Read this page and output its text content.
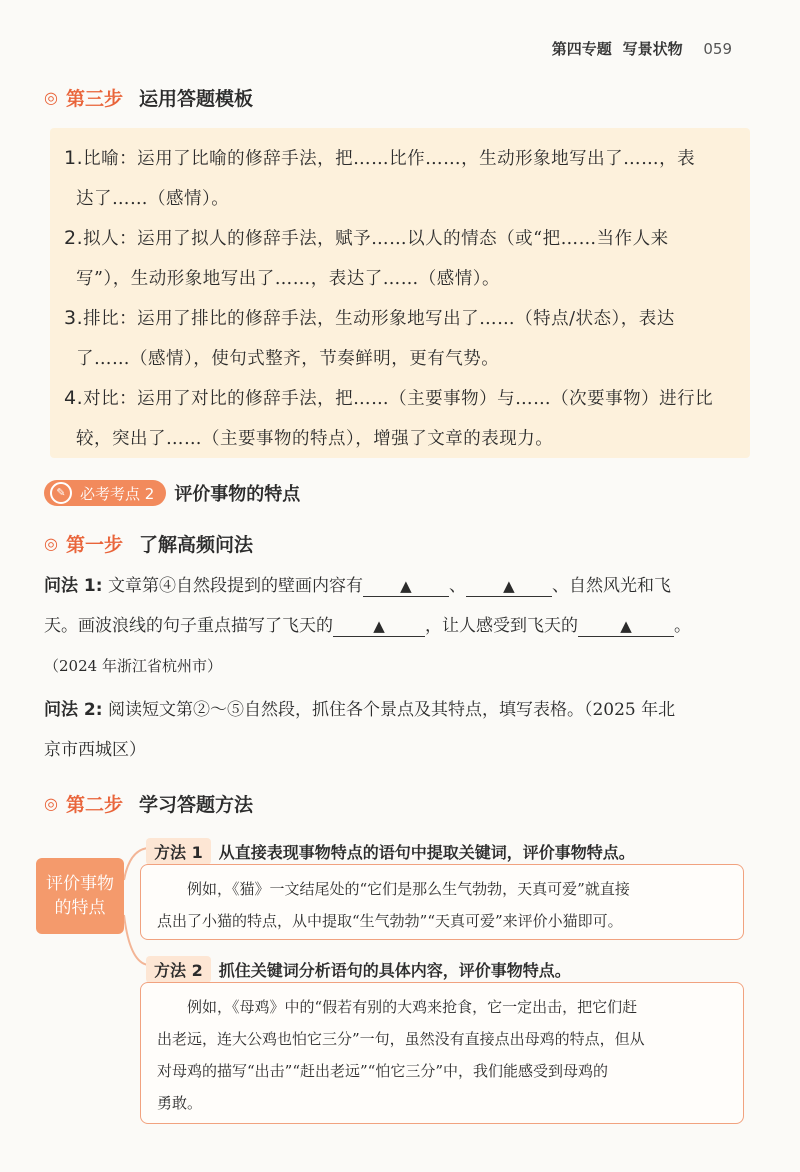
第四专题 写景状物 059
◎ 第三步 运用答题模板
1.比喻：运用了比喻的修辞手法，把……比作……，生动形象地写出了……，表
达了……（感情）。
2.拟人：运用了拟人的修辞手法，赋予……以人的情态（或“把……当作人来
写”），生动形象地写出了……，表达了……（感情）。
3.排比：运用了排比的修辞手法，生动形象地写出了……（特点/状态），表达
了……（感情），使句式整齐，节奏鲜明，更有气势。
4.对比：运用了对比的修辞手法，把……（主要事物）与……（次要事物）进行比
较，突出了……（主要事物的特点），增强了文章的表现力。
✎ 必考考点 2 评价事物的特点
◎ 第一步 了解高频问法
问法 1: 文章第④自然段提到的壁画内容有 ▲ 、 ▲ 、自然风光和飞
天。画波浪线的句子重点描写了飞天的	▲ ，让人感受到飞天的	▲ 。
（2024 年浙江省杭州市）
问法 2: 阅读短文第②～⑤自然段，抓住各个景点及其特点，填写表格。（2025 年北
京市西城区）
◎ 第二步 学习答题方法
评价事物
的特点
方法 1	从直接表现事物特点的语句中提取关键词，评价事物特点。
例如，《猫》一文结尾处的“它们是那么生气勃勃，天真可爱”就直接
点出了小猫的特点，从中提取“生气勃勃”“天真可爱”来评价小猫即可。
方法 2	抓住关键词分析语句的具体内容，评价事物特点。
例如，《母鸡》中的“假若有别的大鸡来抢食，它一定出击，把它们赶
出老远，连大公鸡也怕它三分”一句，虽然没有直接点出母鸡的特点，但从
对母鸡的描写“出击”“赶出老远”“怕它三分”中，我们能感受到母鸡的
勇敢。
